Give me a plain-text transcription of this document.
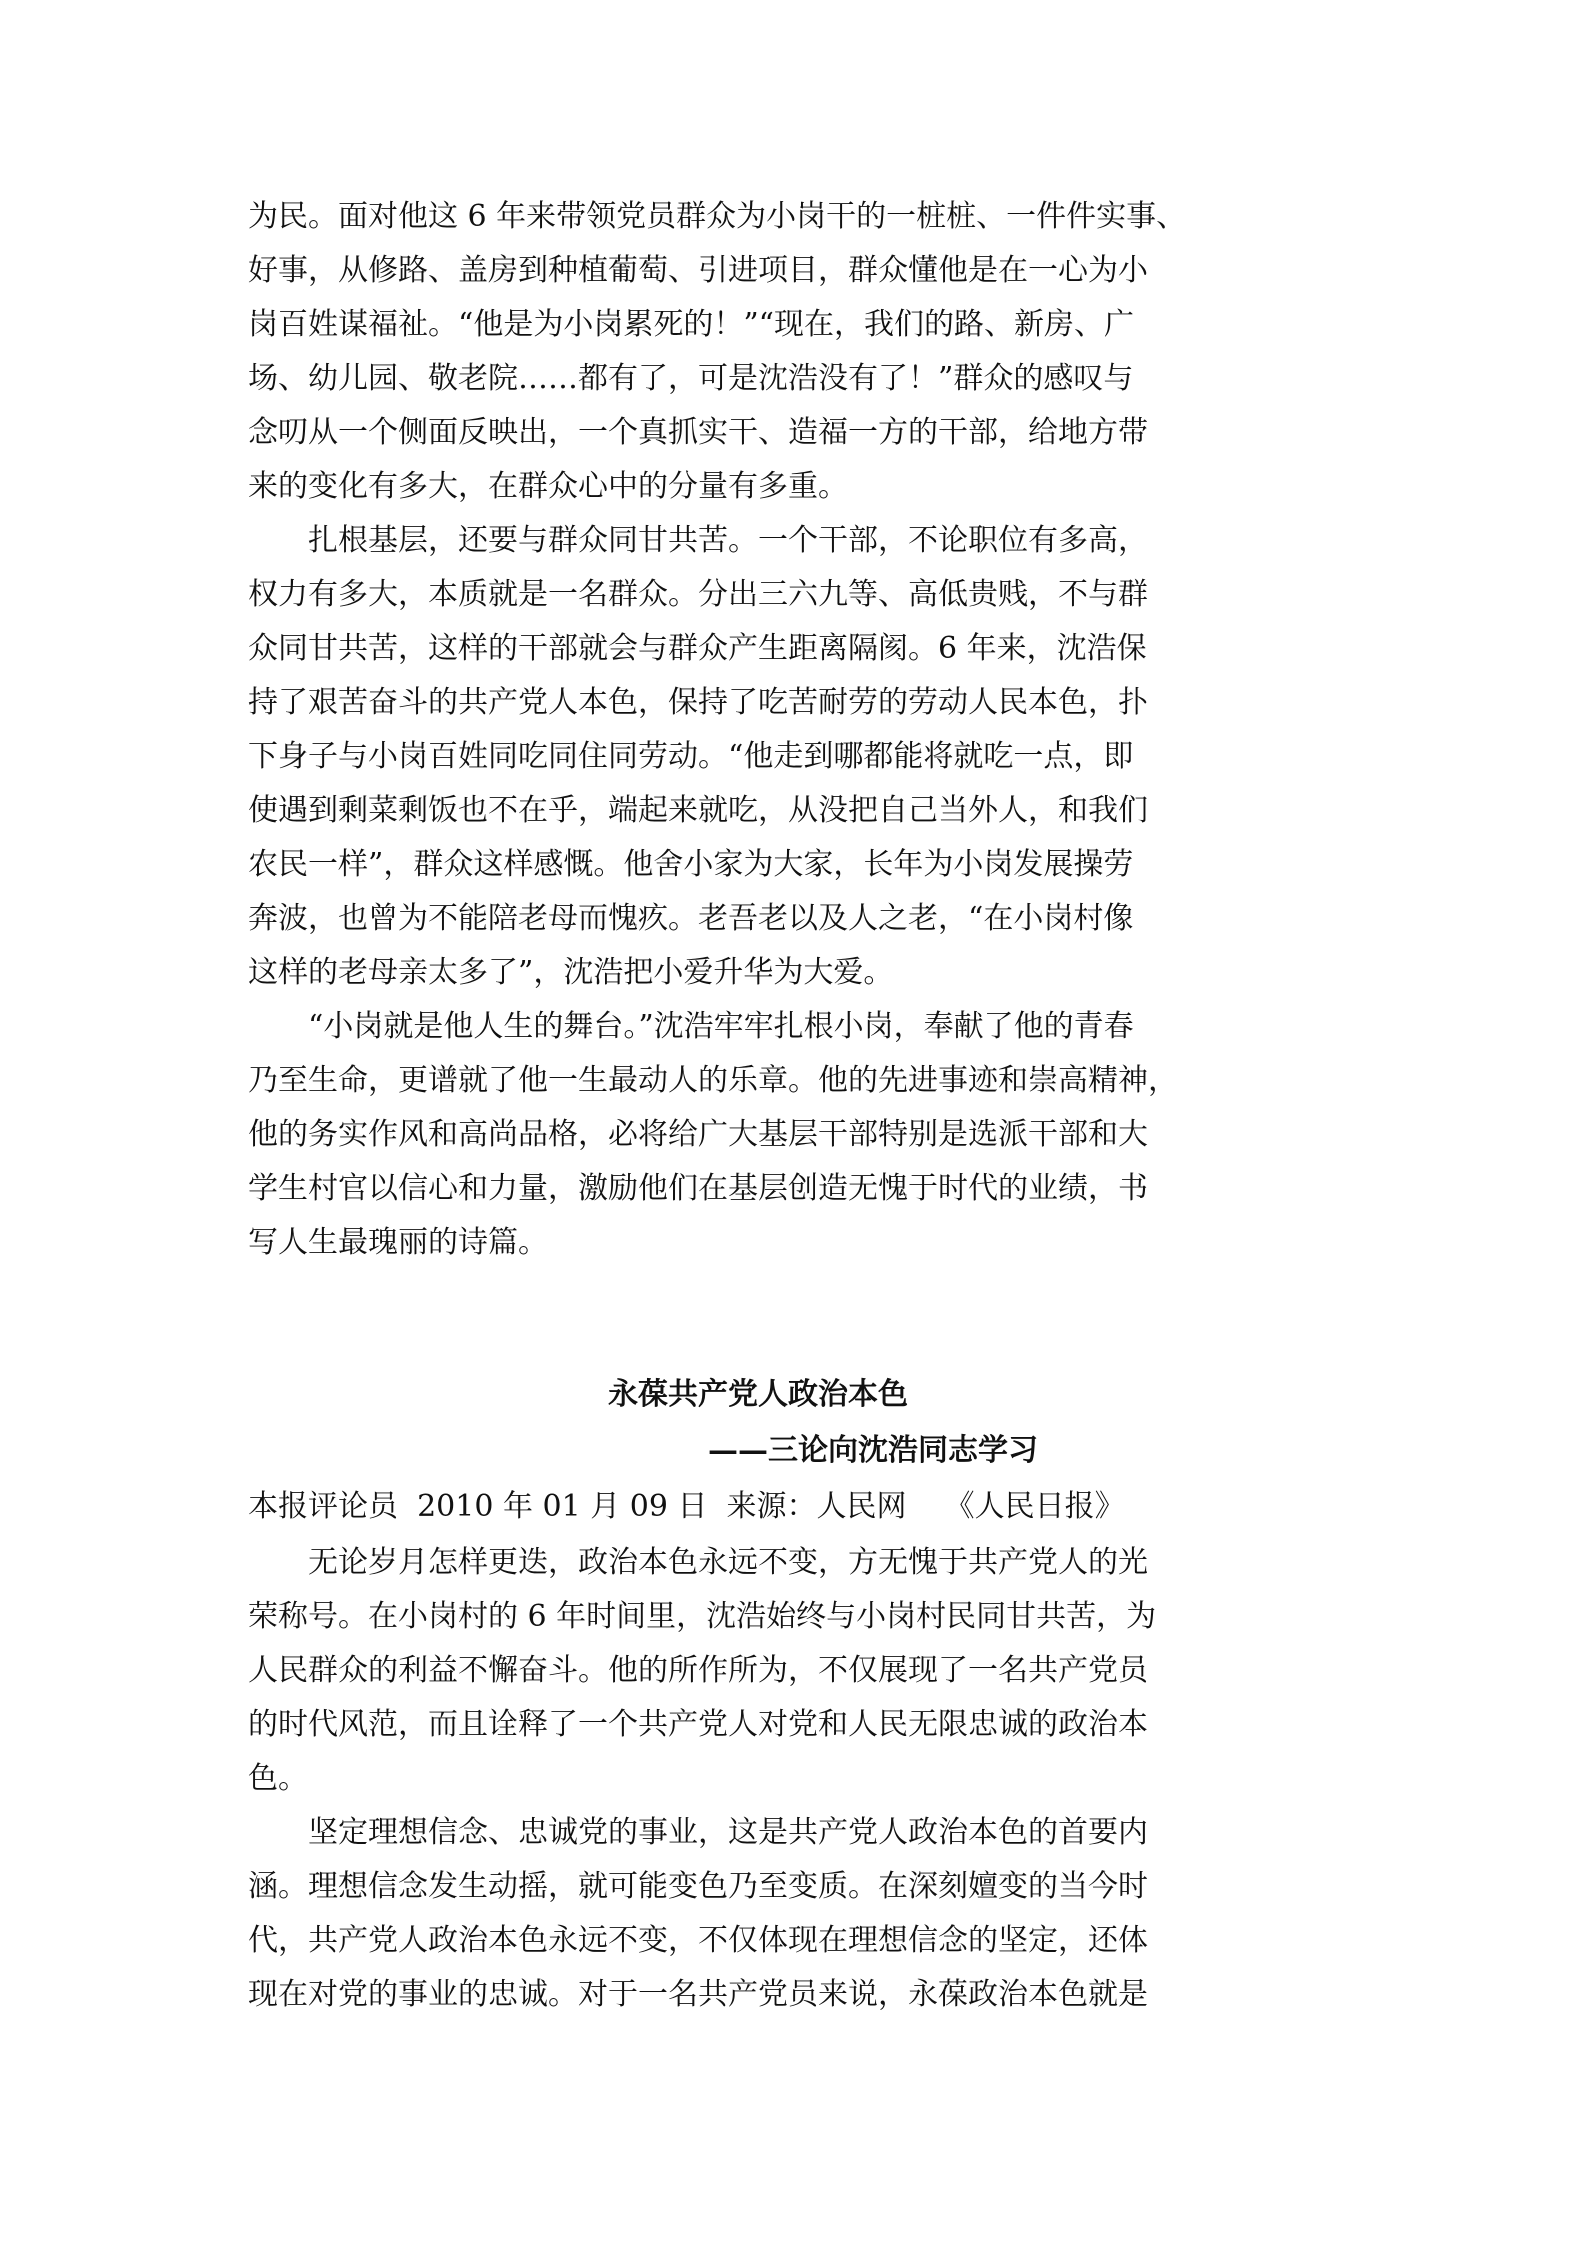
为民。面对他这 6 年来带领党员群众为小岗干的一桩桩、一件件实事、
好事，从修路、盖房到种植葡萄、引进项目，群众懂他是在一心为小
岗百姓谋福祉。“他是为小岗累死的！”“现在，我们的路、新房、广
场、幼儿园、敬老院……都有了，可是沈浩没有了！”群众的感叹与
念叨从一个侧面反映出，一个真抓实干、造福一方的干部，给地方带
来的变化有多大，在群众心中的分量有多重。
扎根基层，还要与群众同甘共苦。一个干部，不论职位有多高，
权力有多大，本质就是一名群众。分出三六九等、高低贵贱，不与群
众同甘共苦，这样的干部就会与群众产生距离隔阂。6 年来，沈浩保
持了艰苦奋斗的共产党人本色，保持了吃苦耐劳的劳动人民本色，扑
下身子与小岗百姓同吃同住同劳动。“他走到哪都能将就吃一点，即
使遇到剩菜剩饭也不在乎，端起来就吃，从没把自己当外人，和我们
农民一样”，群众这样感慨。他舍小家为大家，长年为小岗发展操劳
奔波，也曾为不能陪老母而愧疚。老吾老以及人之老，“在小岗村像
这样的老母亲太多了”，沈浩把小爱升华为大爱。
“小岗就是他人生的舞台。”沈浩牢牢扎根小岗，奉献了他的青春
乃至生命，更谱就了他一生最动人的乐章。他的先进事迹和崇高精神，
他的务实作风和高尚品格，必将给广大基层干部特别是选派干部和大
学生村官以信心和力量，激励他们在基层创造无愧于时代的业绩，书
写人生最瑰丽的诗篇。
永葆共产党人政治本色
——三论向沈浩同志学习
本报评论员  2010 年 01 月 09 日  来源：人民网    《人民日报》
无论岁月怎样更迭，政治本色永远不变，方无愧于共产党人的光
荣称号。在小岗村的 6 年时间里，沈浩始终与小岗村民同甘共苦，为
人民群众的利益不懈奋斗。他的所作所为，不仅展现了一名共产党员
的时代风范，而且诠释了一个共产党人对党和人民无限忠诚的政治本
色。
坚定理想信念、忠诚党的事业，这是共产党人政治本色的首要内
涵。理想信念发生动摇，就可能变色乃至变质。在深刻嬗变的当今时
代，共产党人政治本色永远不变，不仅体现在理想信念的坚定，还体
现在对党的事业的忠诚。对于一名共产党员来说，永葆政治本色就是
